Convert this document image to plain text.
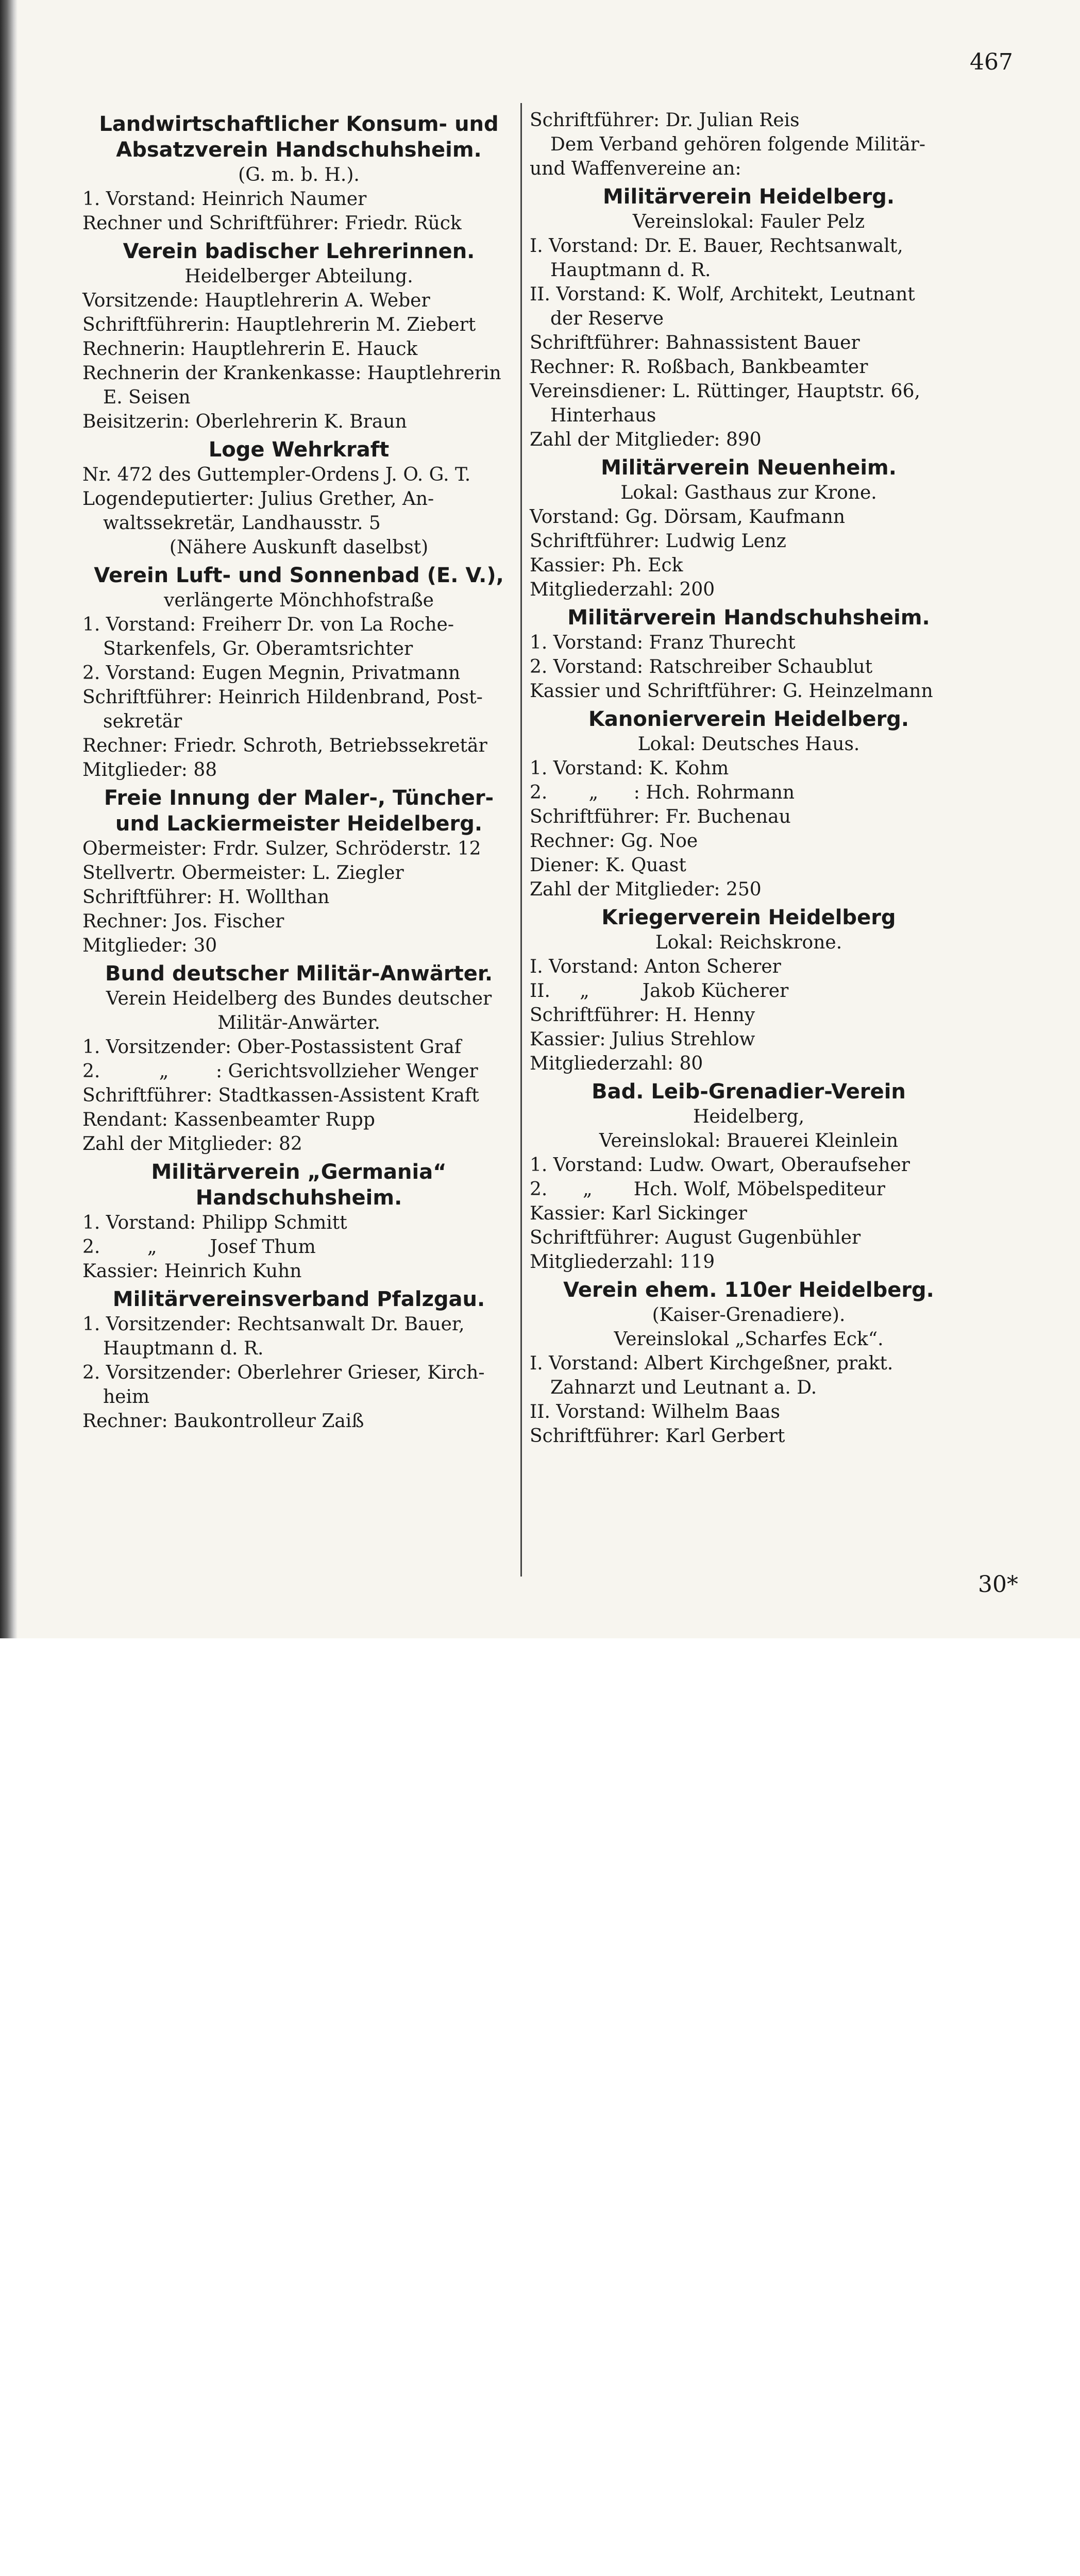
467
Landwirtschaftlicher Konsum- und Absatzverein Handschuhsheim.
(G. m. b. H.).
1. Vorstand: Heinrich Naumer
Rechner und Schriftführer: Friedr. Rück
Verein badischer Lehrerinnen.
Heidelberger Abteilung.
Vorsitzende: Hauptlehrerin A. Weber
Schriftführerin: Hauptlehrerin M. Ziebert
Rechnerin: Hauptlehrerin E. Hauck
Rechnerin der Krankenkasse: Hauptlehrerin
E. Seisen
Beisitzerin: Oberlehrerin K. Braun
Loge Wehrkraft
Nr. 472 des Guttempler-Ordens J. O. G. T.
Logendeputierter: Julius Grether, An-
waltssekretär, Landhausstr. 5
(Nähere Auskunft daselbst)
Verein Luft- und Sonnenbad (E. V.),
verlängerte Mönchhofstraße
1. Vorstand: Freiherr Dr. von La Roche-
Starkenfels, Gr. Oberamtsrichter
2. Vorstand: Eugen Megnin, Privatmann
Schriftführer: Heinrich Hildenbrand, Post-
sekretär
Rechner: Friedr. Schroth, Betriebssekretär
Mitglieder: 88
Freie Innung der Maler-, Tüncher- und Lackiermeister Heidelberg.
Obermeister: Frdr. Sulzer, Schröderstr. 12
Stellvertr. Obermeister: L. Ziegler
Schriftführer: H. Wollthan
Rechner: Jos. Fischer
Mitglieder: 30
Bund deutscher Militär-Anwärter.
Verein Heidelberg des Bundes deutscher
Militär-Anwärter.
1. Vorsitzender: Ober-Postassistent Graf
2.          „        : Gerichtsvollzieher Wenger
Schriftführer: Stadtkassen-Assistent Kraft
Rendant: Kassenbeamter Rupp
Zahl der Mitglieder: 82
Militärverein „Germania“ Handschuhsheim.
1. Vorstand: Philipp Schmitt
2.        „         Josef Thum
Kassier: Heinrich Kuhn
Militärvereinsverband Pfalzgau.
1. Vorsitzender: Rechtsanwalt Dr. Bauer,
Hauptmann d. R.
2. Vorsitzender: Oberlehrer Grieser, Kirch-
heim
Rechner: Baukontrolleur Zaiß
Schriftführer: Dr. Julian Reis
Dem Verband gehören folgende Militär-
und Waffenvereine an:
Militärverein Heidelberg.
Vereinslokal: Fauler Pelz
I. Vorstand: Dr. E. Bauer, Rechtsanwalt,
Hauptmann d. R.
II. Vorstand: K. Wolf, Architekt, Leutnant
der Reserve
Schriftführer: Bahnassistent Bauer
Rechner: R. Roßbach, Bankbeamter
Vereinsdiener: L. Rüttinger, Hauptstr. 66,
Hinterhaus
Zahl der Mitglieder: 890
Militärverein Neuenheim.
Lokal: Gasthaus zur Krone.
Vorstand: Gg. Dörsam, Kaufmann
Schriftführer: Ludwig Lenz
Kassier: Ph. Eck
Mitgliederzahl: 200
Militärverein Handschuhsheim.
1. Vorstand: Franz Thurecht
2. Vorstand: Ratschreiber Schaublut
Kassier und Schriftführer: G. Heinzelmann
Kanonierverein Heidelberg.
Lokal: Deutsches Haus.
1. Vorstand: K. Kohm
2.       „      : Hch. Rohrmann
Schriftführer: Fr. Buchenau
Rechner: Gg. Noe
Diener: K. Quast
Zahl der Mitglieder: 250
Kriegerverein Heidelberg
Lokal: Reichskrone.
I. Vorstand: Anton Scherer
II.     „         Jakob Kücherer
Schriftführer: H. Henny
Kassier: Julius Strehlow
Mitgliederzahl: 80
Bad. Leib-Grenadier-Verein
Heidelberg,
Vereinslokal: Brauerei Kleinlein
1. Vorstand: Ludw. Owart, Oberaufseher
2.      „       Hch. Wolf, Möbelspediteur
Kassier: Karl Sickinger
Schriftführer: August Gugenbühler
Mitgliederzahl: 119
Verein ehem. 110er Heidelberg.
(Kaiser-Grenadiere).
Vereinslokal „Scharfes Eck“.
I. Vorstand: Albert Kirchgeßner, prakt.
Zahnarzt und Leutnant a. D.
II. Vorstand: Wilhelm Baas
Schriftführer: Karl Gerbert
30*
